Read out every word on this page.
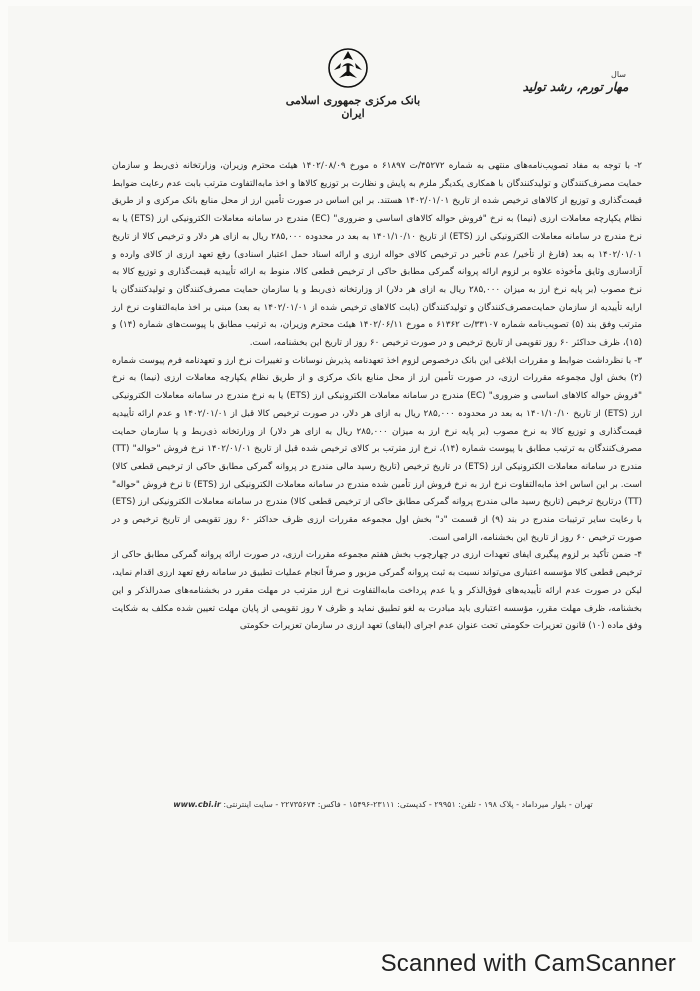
بانک مرکزی جمهوری اسلامی ایران
سال
مهار تورم، رشد تولید

۲- با توجه به مفاد تصویب‌نامه‌های منتهی به شماره ۴۵۲۷۲/ت ۶۱۸۹۷ ه مورخ ۱۴۰۲/۰۸/۰۹ هیئت محترم وزیران، وزارتخانه ذی‌ربط و سازمان حمایت مصرف‌کنندگان و تولیدکنندگان با همکاری یکدیگر ملزم به پایش و نظارت بر توزیع کالاها و اخذ مابه‌التفاوت مترتب بابت عدم رعایت ضوابط قیمت‌گذاری و توزیع از کالاهای ترخیص شده از تاریخ ۱۴۰۲/۰۱/۰۱ هستند. بر این اساس در صورت تأمین ارز از محل منابع بانک مرکزی و از طریق نظام یکپارچه معاملات ارزی (نیما) به نرخ "فروش حواله کالاهای اساسی و ضروری" (EC) مندرج در سامانه معاملات الکترونیکی ارز (ETS) یا به نرخ مندرج در سامانه معاملات الکترونیکی ارز (ETS) از تاریخ ۱۴۰۱/۱۰/۱۰ به بعد در محدوده ۲۸۵,۰۰۰ ریال به ازای هر دلار و ترخیص کالا از تاریخ ۱۴۰۲/۰۱/۰۱ به بعد (فارغ از تأخیر/ عدم تأخیر در ترخیص کالای حواله ارزی و ارائه اسناد حمل اعتبار اسنادی) رفع تعهد ارزی از کالای وارده و آزادسازی وثایق مأخوذه علاوه بر لزوم ارائه پروانه گمرکی مطابق حاکی از ترخیص قطعی کالا، منوط به ارائه تأییدیه قیمت‌گذاری و توزیع کالا به نرخ مصوب (بر پایه نرخ ارز به میزان ۲۸۵,۰۰۰ ریال به ازای هر دلار) از وزارتخانه ذی‌ربط و یا سازمان حمایت مصرف‌کنندگان و تولیدکنندگان یا ارایه تأییدیه از سازمان حمایت‌مصرف‌کنندگان و تولیدکنندگان (بابت کالاهای ترخیص شده از ۱۴۰۲/۰۱/۰۱ به بعد) مبنی بر اخذ مابه‌التفاوت نرخ ارز مترتب وفق بند (۵) تصویب‌نامه شماره ۳۳۱۰۷/ت ۶۱۳۶۲ ه مورخ ۱۴۰۲/۰۶/۱۱ هیئت محترم وزیران، به ترتیب مطابق با پیوست‌های شماره (۱۴) و (۱۵)، ظرف حداکثر ۶۰ روز تقویمی از تاریخ ترخیص و در صورت ترخیص ۶۰ روز از تاریخ این بخشنامه، است.

۳- با نظرداشت ضوابط و مقررات ابلاغی این بانک درخصوص لزوم اخذ تعهدنامه پذیرش نوسانات و تغییرات نرخ ارز و تعهدنامه فرم پیوست شماره (۲) بخش اول مجموعه مقررات ارزی، در صورت تأمین ارز از محل منابع بانک مرکزی و از طریق نظام یکپارچه معاملات ارزی (نیما) به نرخ "فروش حواله کالاهای اساسی و ضروری" (EC) مندرج در سامانه معاملات الکترونیکی ارز (ETS) یا به نرخ مندرج در سامانه معاملات الکترونیکی ارز (ETS) از تاریخ ۱۴۰۱/۱۰/۱۰ به بعد در محدوده ۲۸۵,۰۰۰ ریال به ازای هر دلار، در صورت ترخیص کالا قبل از ۱۴۰۲/۰۱/۰۱ و عدم ارائه تأییدیه قیمت‌گذاری و توزیع کالا به نرخ مصوب (بر پایه نرخ ارز به میزان ۲۸۵,۰۰۰ ریال به ازای هر دلار) از وزارتخانه ذی‌ربط و یا سازمان حمایت مصرف‌کنندگان به ترتیب مطابق با پیوست شماره (۱۴)، نرخ ارز مترتب بر کالای ترخیص شده قبل از تاریخ ۱۴۰۲/۰۱/۰۱ نرخ فروش "حواله" (TT) مندرج در سامانه معاملات الکترونیکی ارز (ETS) در تاریخ ترخیص (تاریخ رسید مالی مندرج در پروانه گمرکی مطابق حاکی از ترخیص قطعی کالا) است. بر این اساس اخذ مابه‌التفاوت نرخ ارز به نرخ فروش ارز تأمین شده مندرج در سامانه معاملات الکترونیکی ارز (ETS) تا نرخ فروش "حواله" (TT) درتاریخ ترخیص (تاریخ رسید مالی مندرج پروانه گمرکی مطابق حاکی از ترخیص قطعی کالا) مندرج در سامانه معاملات الکترونیکی ارز (ETS) با رعایت سایر ترتیبات مندرج در بند (۹) از قسمت "د" بخش اول مجموعه مقررات ارزی ظرف حداکثر ۶۰ روز تقویمی از تاریخ ترخیص و در صورت ترخیص ۶۰ روز از تاریخ این بخشنامه، الزامی است.

۴- ضمن تأکید بر لزوم پیگیری ایفای تعهدات ارزی در چهارچوب بخش هفتم مجموعه مقررات ارزی، در صورت ارائه پروانه گمرکی مطابق حاکی از ترخیص قطعی کالا مؤسسه اعتباری می‌تواند نسبت به ثبت پروانه گمرکی مزبور و صرفاً انجام عملیات تطبیق در سامانه رفع تعهد ارزی اقدام نماید، لیکن در صورت عدم ارائه تأییدیه‌های فوق‌الذکر و یا عدم پرداخت مابه‌التفاوت نرخ ارز مترتب در مهلت مقرر در بخشنامه‌های صدرالذکر و این بخشنامه، ظرف مهلت مقرر، مؤسسه اعتباری باید مبادرت به لغو تطبیق نماید و ظرف ۷ روز تقویمی از پایان مهلت تعیین شده مکلف به شکایت وفق ماده (۱۰) قانون تعزیرات حکومتی تحت عنوان عدم اجرای (ایفای) تعهد ارزی در سازمان تعزیرات حکومتی

تهران - بلوار میرداماد - پلاک ۱۹۸ - تلفن: ۲۹۹۵۱ - کدپستی: ۲۳۱۱۱-۱۵۴۹۶ - فاکس: ۲۲۷۳۵۶۷۴ - سایت اینترنتی: www.cbi.ir
Scanned with CamScanner
